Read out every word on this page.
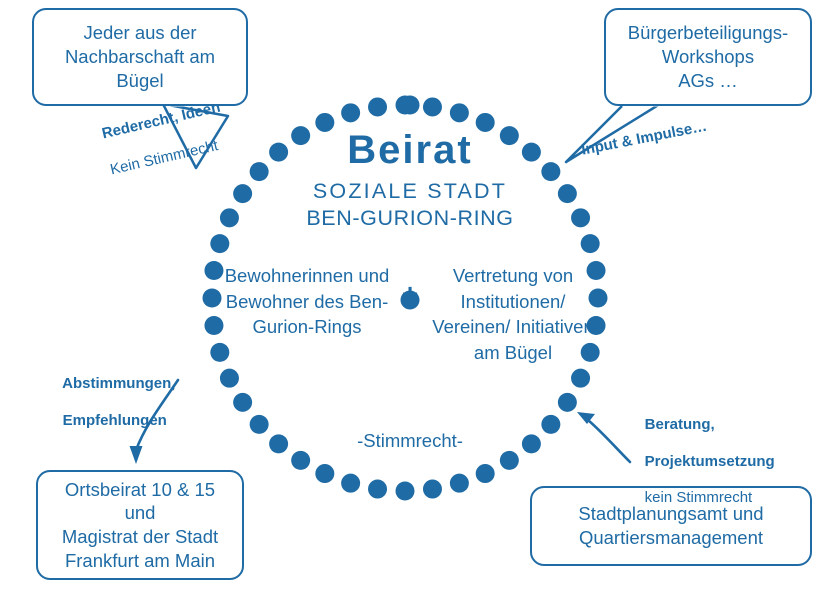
Beirat
SOZIALE STADT
BEN-GURION-RING
Bewohnerinnen und Bewohner des Ben-Gurion-Rings
+
Vertretung von Institutionen/ Vereinen/ Initiativen am Bügel
-Stimmrecht-
Jeder aus der
Nachbarschaft am
Bügel
Bürgerbeteiligungs-
Workshops
AGs …
Ortsbeirat 10 & 15
und
Magistrat der Stadt
Frankfurt am Main
Stadtplanungsamt und
Quartiersmanagement

Rederecht, Ideen

Kein Stimmrecht
	Input & Impulse…

Abstimmungen,

Empfehlungen
	Beratung,

Projektumsetzung

kein Stimmrecht
